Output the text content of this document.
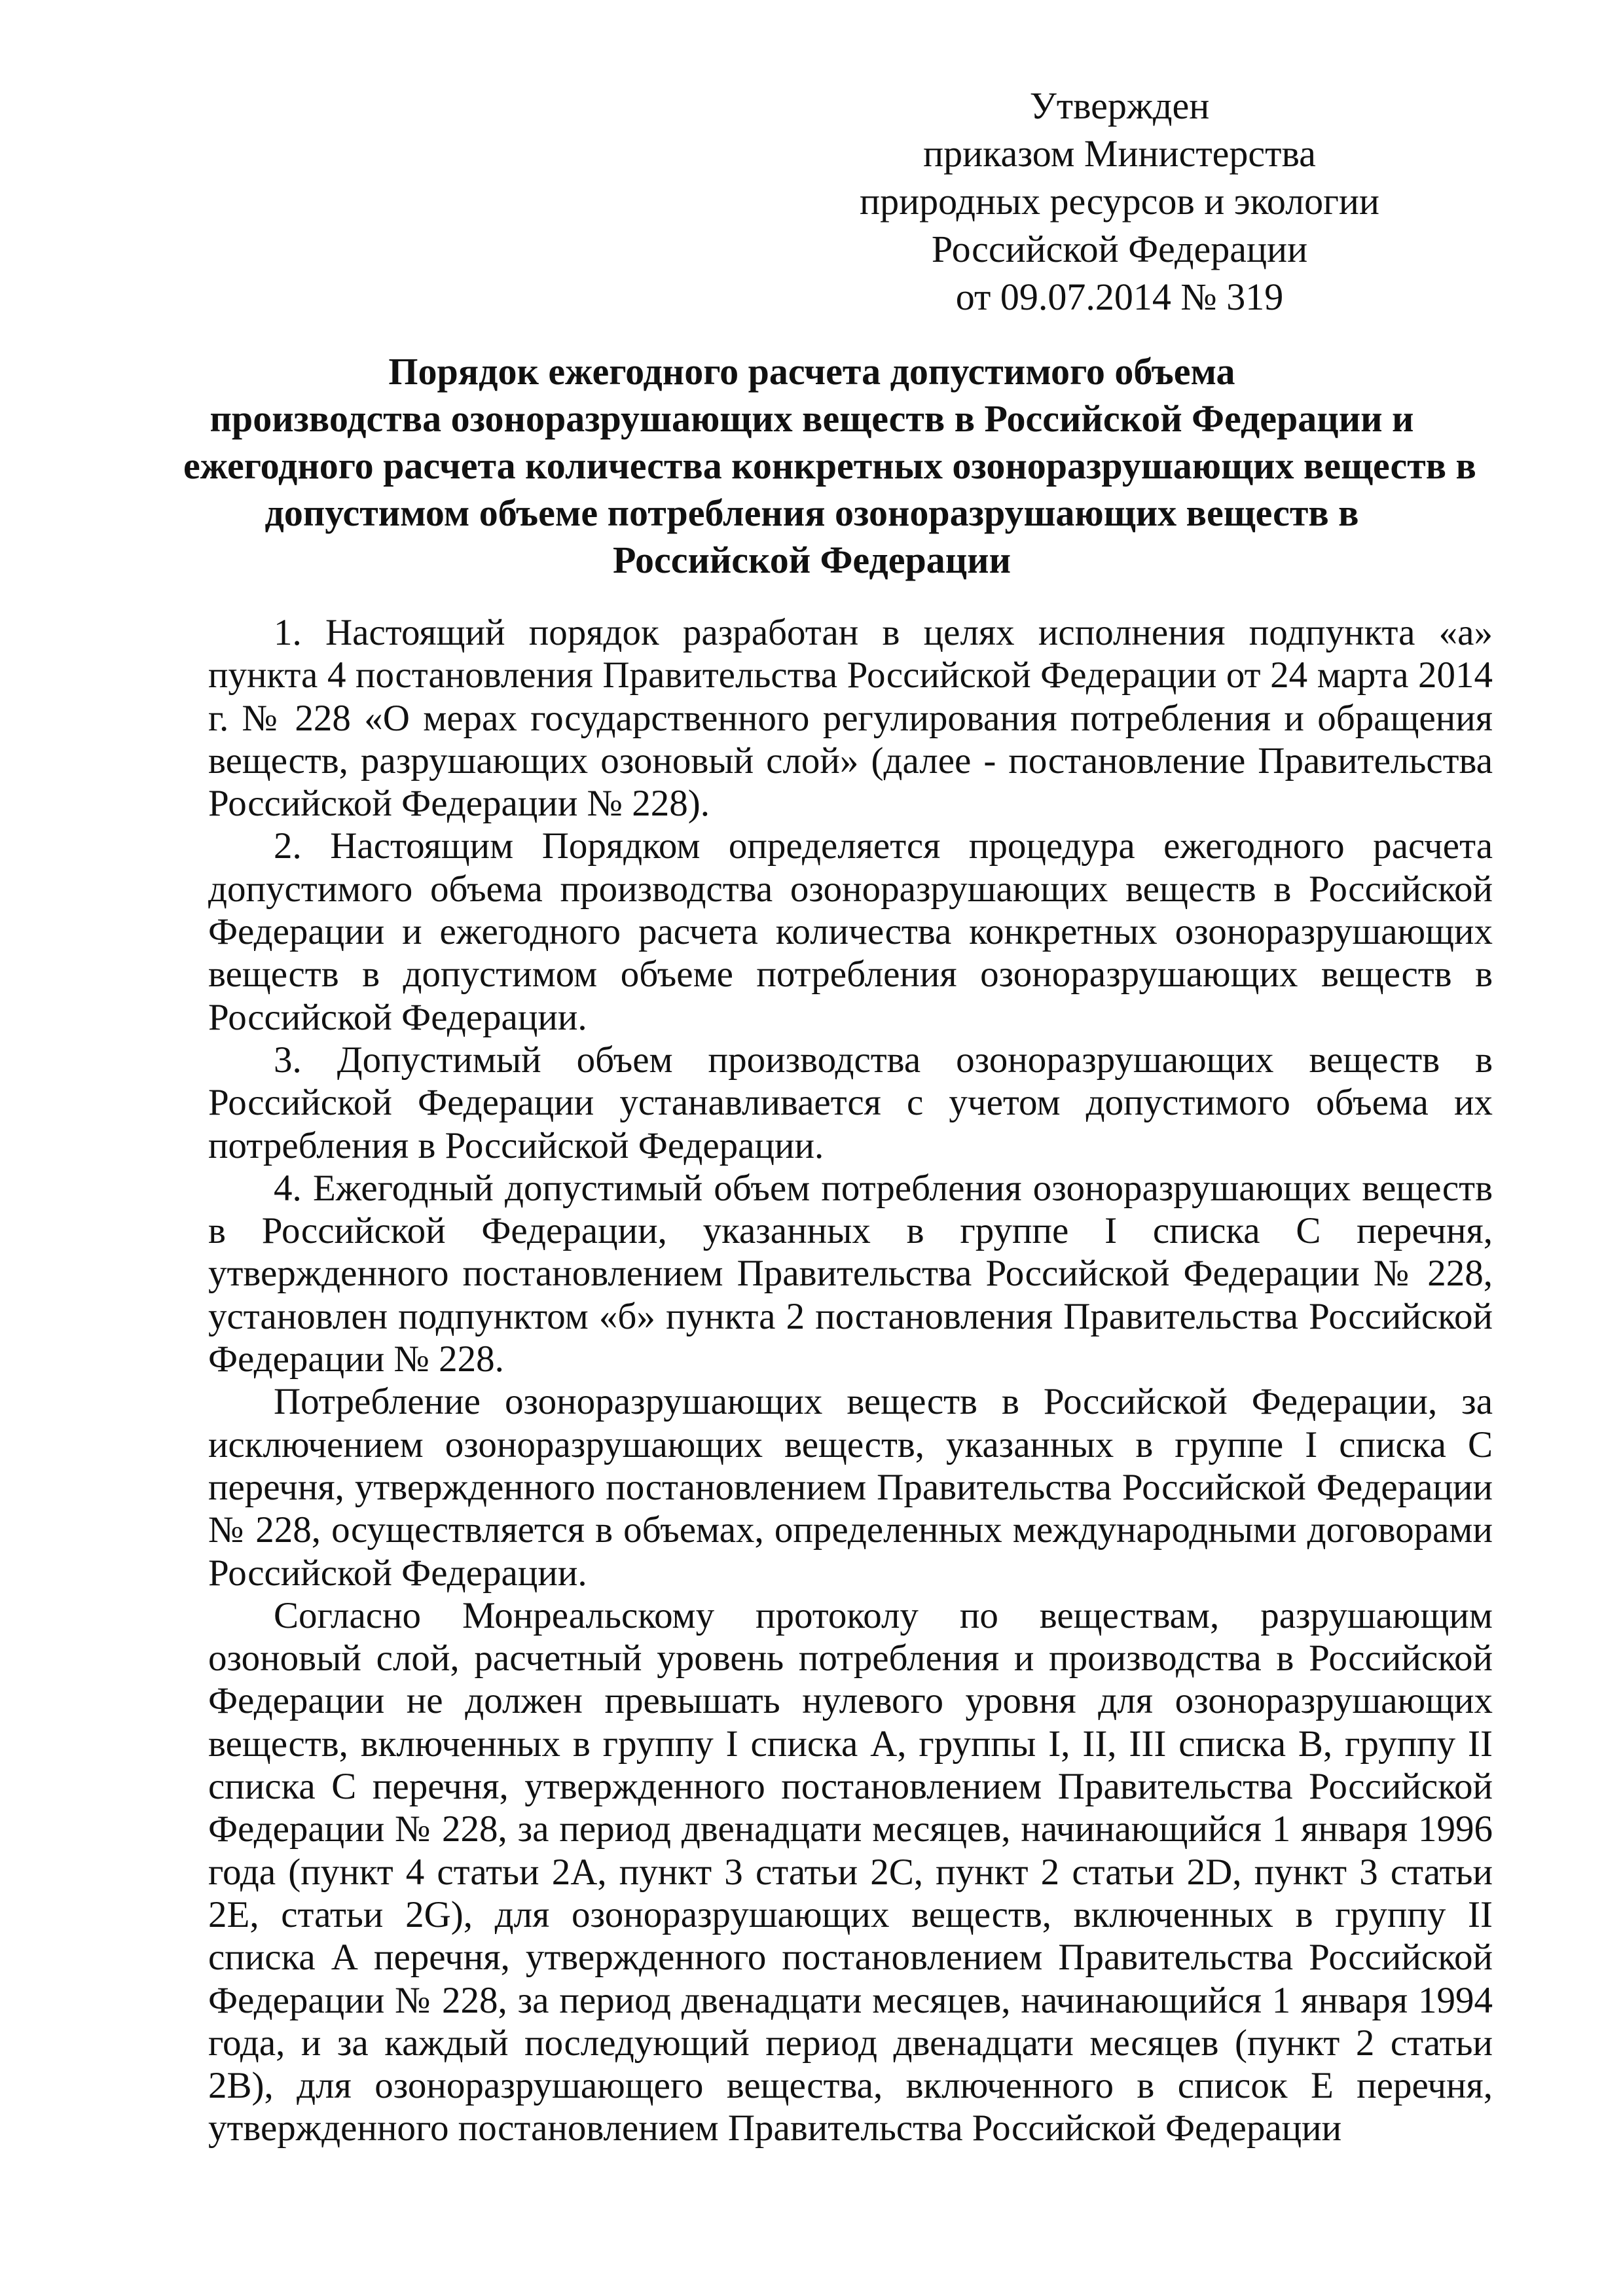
Утвержден
приказом Министерства
природных ресурсов и экологии
Российской Федерации
от 09.07.2014 № 319
Порядок ежегодного расчета допустимого объема
производства озоноразрушающих веществ в Российской Федерации и
ежегодного расчета количества конкретных озоноразрушающих веществ в
допустимом объеме потребления озоноразрушающих веществ в
Российской Федерации

1. Настоящий порядок разработан в целях исполнения подпункта «а» пункта 4 постановления Правительства Российской Федерации от 24 марта 2014 г. № 228 «О мерах государственного регулирования потребления и обращения веществ, разрушающих озоновый слой» (далее - постановление Правительства Российской Федерации № 228).

2. Настоящим Порядком определяется процедура ежегодного расчета допустимого объема производства озоноразрушающих веществ в Российской Федерации и ежегодного расчета количества конкретных озоноразрушающих веществ в допустимом объеме потребления озоноразрушающих веществ в Российской Федерации.

3. Допустимый объем производства озоноразрушающих веществ в Российской Федерации устанавливается с учетом допустимого объема их потребления в Российской Федерации.

4. Ежегодный допустимый объем потребления озоноразрушающих веществ в Российской Федерации, указанных в группе I списка С перечня, утвержденного постановлением Правительства Российской Федерации № 228, установлен подпунктом «б» пункта 2 постановления Правительства Российской Федерации № 228.

Потребление озоноразрушающих веществ в Российской Федерации, за исключением озоноразрушающих веществ, указанных в группе I списка С перечня, утвержденного постановлением Правительства Российской Федерации № 228, осуществляется в объемах, определенных международными договорами Российской Федерации.

Согласно Монреальскому протоколу по веществам, разрушающим озоновый слой, расчетный уровень потребления и производства в Российской Федерации не должен превышать нулевого уровня для озоноразрушающих веществ, включенных в группу I списка А, группы I, II, III списка В, группу II списка С перечня, утвержденного постановлением Правительства Российской Федерации № 228, за период двенадцати месяцев, начинающийся 1 января 1996 года (пункт 4 статьи 2А, пункт 3 статьи 2С, пункт 2 статьи 2D, пункт 3 статьи 2Е, статьи 2G), для озоноразрушающих веществ, включенных в группу II списка А перечня, утвержденного постановлением Правительства Российской Федерации № 228, за период двенадцати месяцев, начинающийся 1 января 1994 года, и за каждый последующий период двенадцати месяцев (пункт 2 статьи 2В), для озоноразрушающего вещества, включенного в список Е перечня, утвержденного постановлением Правительства Российской Федерации
